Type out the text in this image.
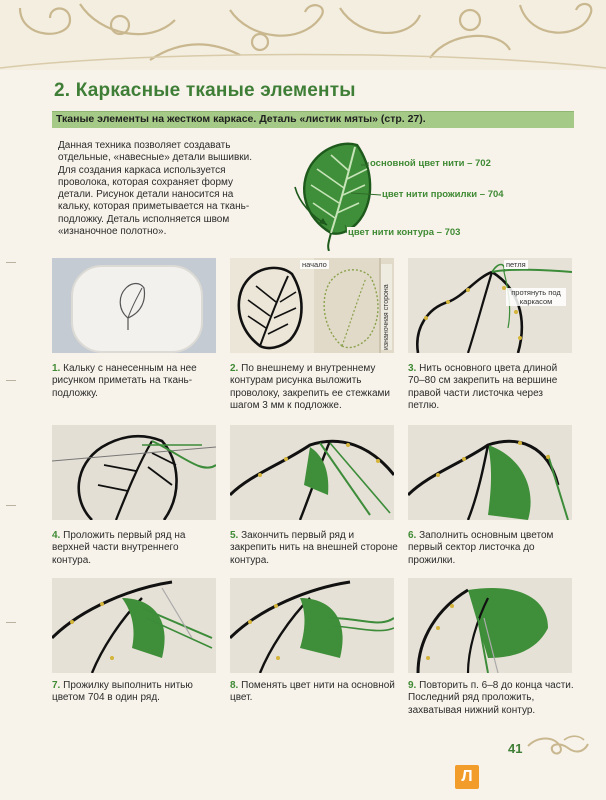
2. Каркасные тканые элементы
Тканые элементы на жестком каркасе. Деталь «листик мяты» (стр. 27).

Данная техника позволяет создавать отдельные, «навесные» детали вышивки. Для создания каркаса используется проволока, которая сохраняет форму детали. Рисунок детали наносится на кальку, которая приметывается на ткань-подложку. Деталь исполняется швом «изнаночное полотно».

основной цвет нити – 702
цвет нити прожилки – 704
цвет нити контура – 703
начало
изнаночная сторона
петля
протянуть под каркасом

1. Кальку с нанесенным на нее рисунком приметать на ткань-подложку.

2. По внешнему и внутреннему контурам рисунка выложить проволоку, закрепить ее стежками шагом 3 мм к подложке.

3. Нить основного цвета длиной 70–80 см закрепить на вершине правой части листочка через петлю.

4. Проложить первый ряд на верхней части внутреннего контура.

5. Закончить первый ряд и закрепить нить на внешней стороне контура.

6. Заполнить основным цветом первый сектор листочка до прожилки.

7. Прожилку выполнить нитью цветом 704 в один ряд.

8. Поменять цвет нити на основной цвет.

9. Повторить п. 6–8 до конца части. Последний ряд проложить, захватывая нижний контур.

41
Л
